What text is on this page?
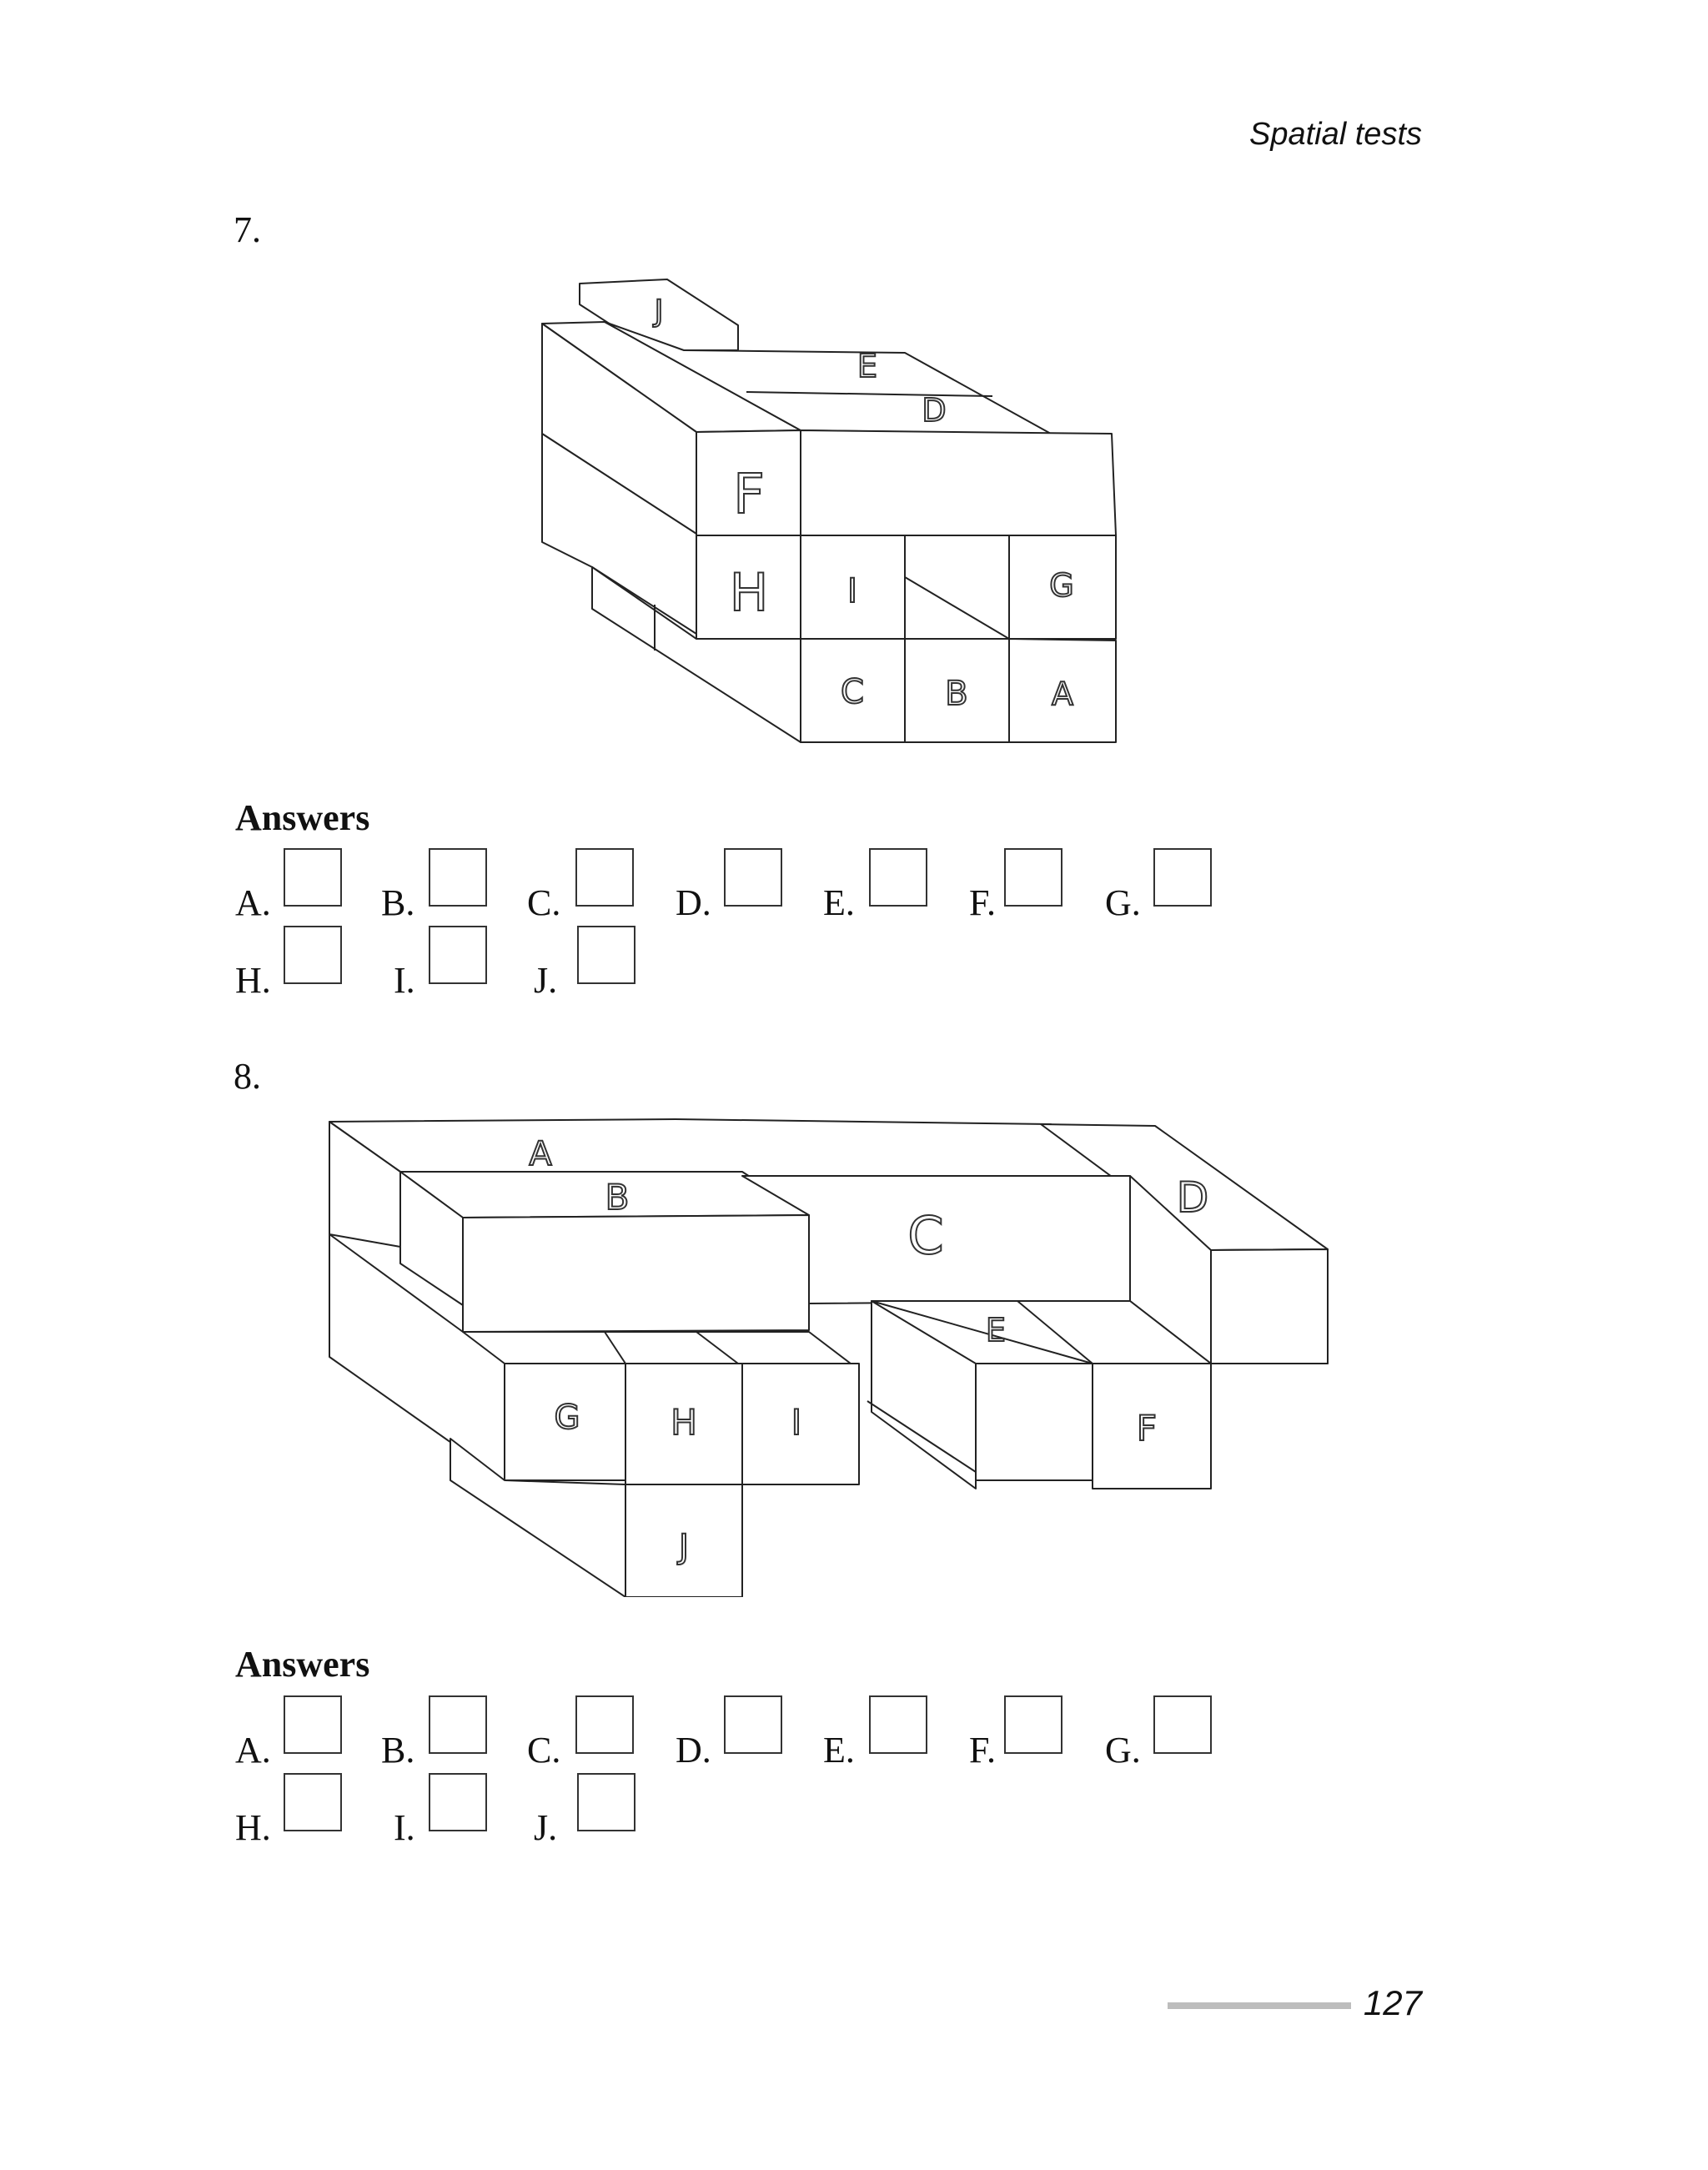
Spatial tests
7.
J
E
D
F
H I	G
C B	A
Answers
A.	B.	C.	D.	E.	F.	G.
H.	I.	J.
8.
A
B
C
D
E
G	H	I	F
J
Answers
A.	B.	C.	D.	E.	F.	G.
H.	I.	J.
127
